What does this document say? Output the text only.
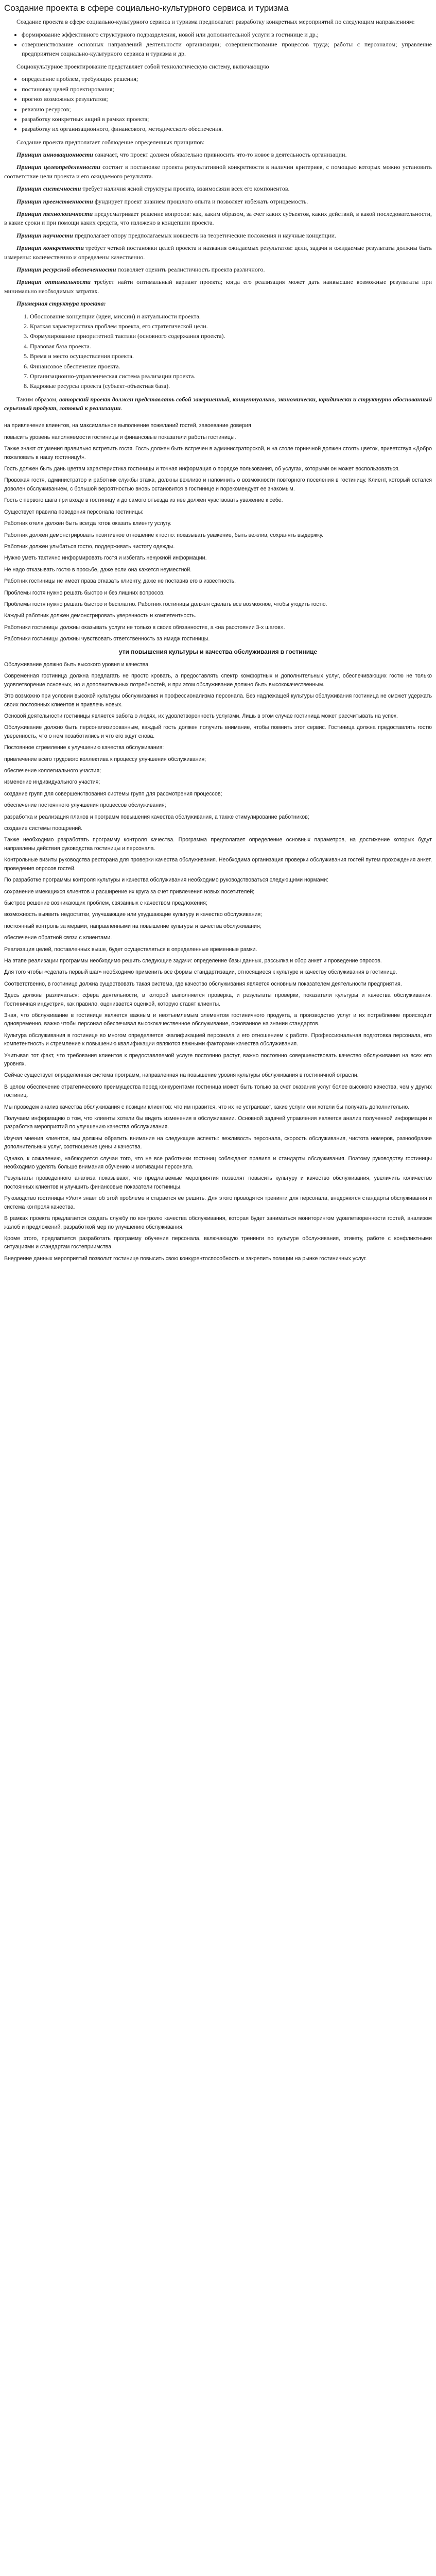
Создание проекта в сфере социально-культурного сервиса и туризма

Создание проекта в сфере социально-культурного сервиса и туризма предполагает разработку конкретных мероприятий по следующим направлениям:

• формирование эффективного структурного подразделения, новой или дополнительной услуги в гостинице и др.;
• совершенствование основных направлений деятельности организации; совершенствование процессов труда; работы с персоналом; управление предприятием социально-культурного сервиса и туризма и др.

Социокультурное проектирование представляет собой технологическую систему, включающую

• определение проблем, требующих решения;
• постановку целей проектирования;
• прогноз возможных результатов;
• ревизию ресурсов;
• разработку конкретных акций в рамках проекта;
• разработку их организационного, финансового, методического обеспечения.

Создание проекта предполагает соблюдение определенных принципов:

Принцип инновационности означает, что проект должен обязательно привносить что-то новое в деятельность организации.

Принцип целеопределенности состоит в постановке проекта результативной конкретности в наличии критериев, с помощью которых можно установить соответствие цели проекта и его ожидаемого результата.

Принцип системности требует наличия ясной структуры проекта, взаимосвязи всех его компонентов.

Принцип преемственности фундирует проект знанием прошлого опыта и позволяет избежать отрицаемость.

Принцип технологичности предусматривает решение вопросов: как, каким образом, за счет каких субъектов, каких действий, в какой последовательности, в какие сроки и при помощи каких средств, что изложено в концепции проекта.

Принцип научности предполагает опору предполагаемых новшеств на теоретические положения и научные концепции.

Принцип конкретности требует четкой постановки целей проекта и названия ожидаемых результатов: цели, задачи и ожидаемые результаты должны быть измерены: количественно и определены качественно.

Принцип ресурсной обеспеченности позволяет оценить реалистичность проекта различного.

Принцип оптимальности требует найти оптимальный вариант проекта; когда его реализация может дать наивысшие возможные результаты при минимально необходимых затратах.

Примерная структура проекта:

1. Обоснование концепции (идеи, миссии) и актуальности проекта.
2. Краткая характеристика проблем проекта, его стратегической цели.
3. Формулирование приоритетной тактики (основного содержания проекта).
4. Правовая база проекта.
5. Время и место осуществления проекта.
6. Финансовое обеспечение проекта.
7. Организационно-управленческая система реализации проекта.
8. Кадровые ресурсы проекта (субъект-объектная база).

Таким образом, авторский проект должен представлять собой завершенный, концептуально, экономически, юридически и структурно обоснованный серьезный продукт, готовый к реализации.

на привлечение клиентов, на максимальное выполнение пожеланий гостей, завоевание доверия

повысить уровень наполняемости гостиницы и финансовые показатели работы гостиницы.

Также знают от умения правильно встретить гостя. Гость должен быть встречен в администраторской, и на столе горничной должен стоять цветок, приветствуя «Добро пожаловать в нашу гостиницу!».

Гость должен быть дань цветам характеристика гостиницы и точная информация о порядке пользования, об услугах, которыми он может воспользоваться.

Провожая гостя, администратор и работник службы этажа, должны вежливо и напомнить о возможности повторного поселения в гостиницу. Клиент, который остался доволен обслуживанием, с большой вероятностью вновь остановится в гостинице и порекомендует ее знакомым.

Гость с первого шага при входе в гостиницу и до самого отъезда из нее должен чувствовать уважение к себе.

Существует правила поведения персонала гостиницы:

Работник отеля должен быть всегда готов оказать клиенту услугу.

Работник должен демонстрировать позитивное отношение к гостю: показывать уважение, быть вежлив, сохранять выдержку.

Работник должен улыбаться гостю, поддерживать чистоту одежды.

Нужно уметь тактично информировать гостя и избегать ненужной информации.

Не надо отказывать гостю в просьбе, даже если она кажется неуместной.

Работник гостиницы не имеет права отказать клиенту, даже не поставив его в известность.

Проблемы гостя нужно решать быстро и без лишних вопросов.

Проблемы гостя нужно решать быстро и бесплатно. Работник гостиницы должен сделать все возможное, чтобы угодить гостю.

Каждый работник должен демонстрировать уверенность и компетентность.

Работники гостиницы должны оказывать услуги не только в своих обязанностях, а «на расстоянии 3-х шагов».

Работники гостиницы должны чувствовать ответственность за имидж гостиницы.

ути повышения культуры и качества обслуживания в гостинице

Обслуживание должно быть высокого уровня и качества.

Современная гостиница должна предлагать не просто кровать, а предоставлять спектр комфортных и дополнительных услуг, обеспечивающих гостю не только удовлетворение основных, но и дополнительных потребностей, и при этом обслуживание должно быть высококачественным.

Это возможно при условии высокой культуры обслуживания и профессионализма персонала. Без надлежащей культуры обслуживания гостиница не сможет удержать своих постоянных клиентов и привлечь новых.

Основой деятельности гостиницы является забота о людях, их удовлетворенность услугами. Лишь в этом случае гостиница может рассчитывать на успех.

Обслуживание должно быть персонализированным, каждый гость должен получить внимание, чтобы помнить этот сервис. Гостиница должна предоставлять гостю уверенность, что о нем позаботились и что его ждут снова.

Постоянное стремление к улучшению качества обслуживания:

привлечение всего трудового коллектива к процессу улучшения обслуживания;

обеспечение коллегиального участия;

изменение индивидуального участия;

создание групп для совершенствования системы групп для рассмотрения процессов;

обеспечение постоянного улучшения процессов обслуживания;

разработка и реализация планов и программ повышения качества обслуживания, а также стимулирование работников;

создание системы поощрений.

Также необходимо разработать программу контроля качества. Программа предполагает определение основных параметров, на достижение которых будут направлены действия руководства гостиницы и персонала.

Контрольные визиты руководства ресторана для проверки качества обслуживания. Необходима организация проверки обслуживания гостей путем прохождения анкет, проведения опросов гостей.

По разработке программы контроля культуры и качества обслуживания необходимо руководствоваться следующими нормами:

сохранение имеющихся клиентов и расширение их круга за счет привлечения новых посетителей;

быстрое решение возникающих проблем, связанных с качеством предложения;

возможность выявить недостатки, улучшающие или ухудшающие культуру и качество обслуживания;

постоянный контроль за мерами, направленными на повышение культуры и качества обслуживания;

обеспечение обратной связи с клиентами.

Реализация целей, поставленных выше, будет осуществляться в определенные временные рамки.

На этапе реализации программы необходимо решить следующие задачи: определение базы данных, рассылка и сбор анкет и проведение опросов.

Для того чтобы «сделать первый шаг» необходимо применить все формы стандартизации, относящиеся к культуре и качеству обслуживания в гостинице.

Соответственно, в гостинице должна существовать такая система, где качество обслуживания является основным показателем деятельности предприятия.

Здесь должны различаться: сфера деятельности, в которой выполняется проверка, и результаты проверки, показатели культуры и качества обслуживания. Гостиничная индустрия, как правило, оценивается оценкой, которую ставят клиенты.

Зная, что обслуживание в гостинице является важным и неотъемлемым элементом гостиничного продукта, а производство услуг и их потребление происходит одновременно, важно чтобы персонал обеспечивал высококачественное обслуживание, основанное на знании стандартов.

Культура обслуживания в гостинице во многом определяется квалификацией персонала и его отношением к работе. Профессиональная подготовка персонала, его компетентность и стремление к повышению квалификации являются важными факторами качества обслуживания.

Учитывая тот факт, что требования клиентов к предоставляемой услуге постоянно растут, важно постоянно совершенствовать качество обслуживания на всех его уровнях.

Сейчас существует определенная система программ, направленная на повышение уровня культуры обслуживания в гостиничной отрасли.

В целом обеспечение стратегического преимущества перед конкурентами гостиница может быть только за счет оказания услуг более высокого качества, чем у других гостиниц.

Мы проведем анализ качества обслуживания с позиции клиентов: что им нравится, что их не устраивает, какие услуги они хотели бы получать дополнительно.

Получаем информацию о том, что клиенты хотели бы видеть изменения в обслуживании. Основной задачей управления является анализ полученной информации и разработка мероприятий по улучшению качества обслуживания.

Изучая мнения клиентов, мы должны обратить внимание на следующие аспекты: вежливость персонала, скорость обслуживания, чистота номеров, разнообразие дополнительных услуг, соотношение цены и качества.

Однако, к сожалению, наблюдается случаи того, что не все работники гостиниц соблюдают правила и стандарты обслуживания. Поэтому руководству гостиницы необходимо уделять больше внимания обучению и мотивации персонала.

Результаты проведенного анализа показывают, что предлагаемые мероприятия позволят повысить культуру и качество обслуживания, увеличить количество постоянных клиентов и улучшить финансовые показатели гостиницы.

Руководство гостиницы «Уют» знает об этой проблеме и старается ее решить. Для этого проводятся тренинги для персонала, внедряются стандарты обслуживания и система контроля качества.

В рамках проекта предлагается создать службу по контролю качества обслуживания, которая будет заниматься мониторингом удовлетворенности гостей, анализом жалоб и предложений, разработкой мер по улучшению обслуживания.

Кроме этого, предлагается разработать программу обучения персонала, включающую тренинги по культуре обслуживания, этикету, работе с конфликтными ситуациями и стандартам гостеприимства.

Внедрение данных мероприятий позволит гостинице повысить свою конкурентоспособность и закрепить позиции на рынке гостиничных услуг.
